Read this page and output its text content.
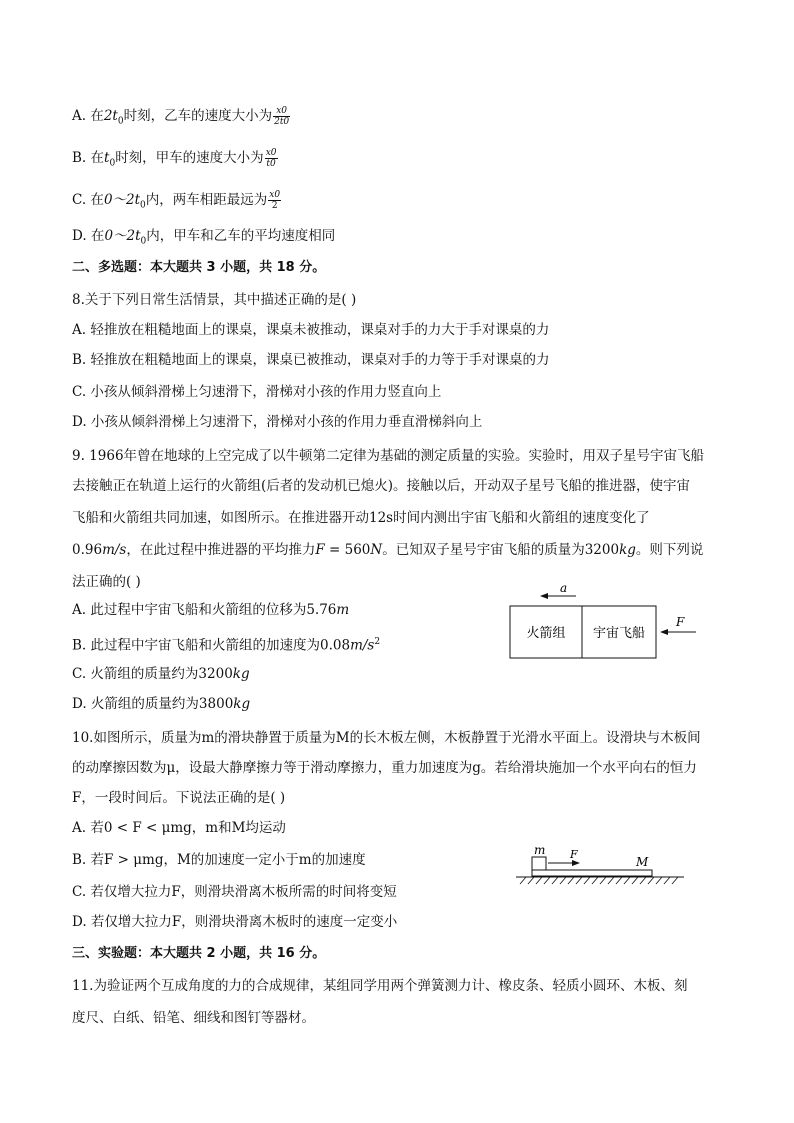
A. 在$2t_0$时刻，乙车的速度大小为 $\frac{x0}{2t0}$
B. 在$t_0$时刻，甲车的速度大小为 $\frac{x0}{t0}$
C. 在$0\sim 2t_0$内，两车相距最远为 $\frac{x0}{2}$
D. 在$0\sim 2t_0$内，甲车和乙车的平均速度相同
二、多选题：本大题共 3 小题，共 18 分。
8.关于下列日常生活情景，其中描述正确的是( )
A. 轻推放在粗糙地面上的课桌，课桌未被推动，课桌对手的力大于手对课桌的力
B. 轻推放在粗糙地面上的课桌，课桌已被推动，课桌对手的力等于手对课桌的力
C. 小孩从倾斜滑梯上匀速滑下，滑梯对小孩的作用力竖直向上
D. 小孩从倾斜滑梯上匀速滑下，滑梯对小孩的作用力垂直滑梯斜向上
9. 1966年曾在地球的上空完成了以牛顿第二定律为基础的测定质量的实验。实验时，用双子星号宇宙飞船
去接触正在轨道上运行的火箭组(后者的发动机已熄火)。接触以后，开动双子星号飞船的推进器，使宇宙
飞船和火箭组共同加速，如图所示。在推进器开动12s时间内测出宇宙飞船和火箭组的速度变化了
0.96m/s，在此过程中推进器的平均推力F = 560N。已知双子星号宇宙飞船的质量为3200kg。则下列说
法正确的( )
A. 此过程中宇宙飞船和火箭组的位移为5.76m
B. 此过程中宇宙飞船和火箭组的加速度为$0.08m/s^2$
C. 火箭组的质量约为3200kg
D. 火箭组的质量约为3800kg
a
火箭组 宇宙飞船
F
10.如图所示，质量为m的滑块静置于质量为M的长木板左侧，木板静置于光滑水平面上。设滑块与木板间
的动摩擦因数为μ，设最大静摩擦力等于滑动摩擦力，重力加速度为g。若给滑块施加一个水平向右的恒力
F，一段时间后。下说法正确的是( )
A. 若0 < F < μmg，m和M均运动
B. 若F > μmg，M的加速度一定小于m的加速度
C. 若仅增大拉力F，则滑块滑离木板所需的时间将变短
D. 若仅增大拉力F，则滑块滑离木板时的速度一定变小
m F
M
三、实验题：本大题共 2 小题，共 16 分。
11.为验证两个互成角度的力的合成规律，某组同学用两个弹簧测力计、橡皮条、轻质小圆环、木板、刻
度尺、白纸、铅笔、细线和图钉等器材。
